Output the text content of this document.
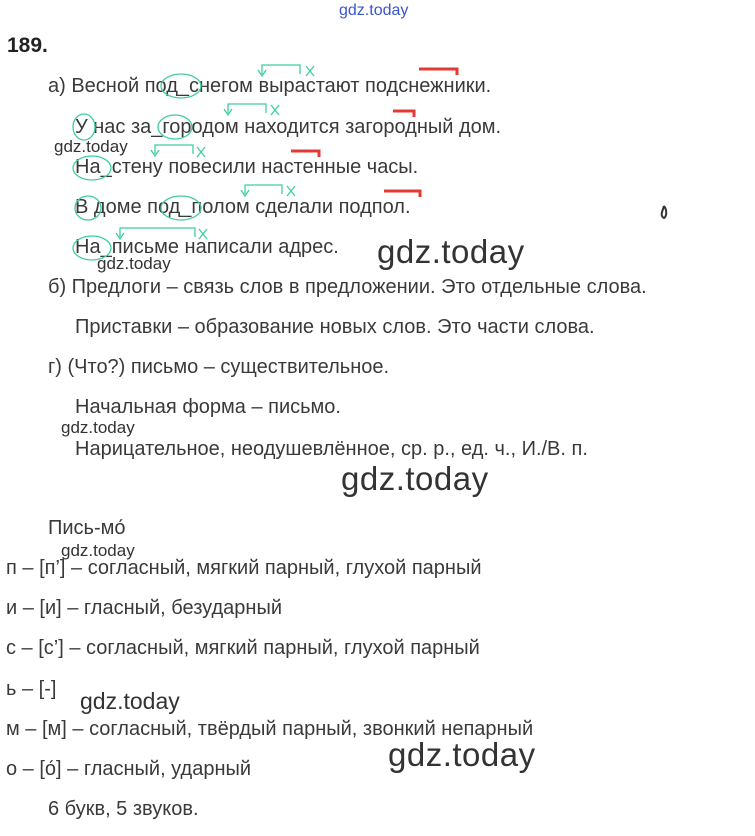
gdz.today
189.
а) Весной под_снегом вырастают подснежники.
У нас за_городом находится загородный дом.
На_стену повесили настенные часы.
В доме под_полом сделали подпол.
На_письме написали адрес.
б) Предлоги – связь слов в предложении. Это отдельные слова.
Приставки – образование новых слов. Это части слова.
г) (Что?) письмо – существительное.
Начальная форма – письмо.
Нарицательное, неодушевлённое, ср. р., ед. ч., И./В. п.
Пись-мо́
п – [п’] – согласный, мягкий парный, глухой парный
и – [и] – гласный, безударный
с – [с’] – согласный, мягкий парный, глухой парный
ь – [-]
м – [м] – согласный, твёрдый парный, звонкий непарный
о – [о́] – гласный, ударный
6 букв, 5 звуков.
gdz.today
gdz.today
gdz.today
gdz.today
gdz.today
gdz.today
gdz.today
gdz.today
